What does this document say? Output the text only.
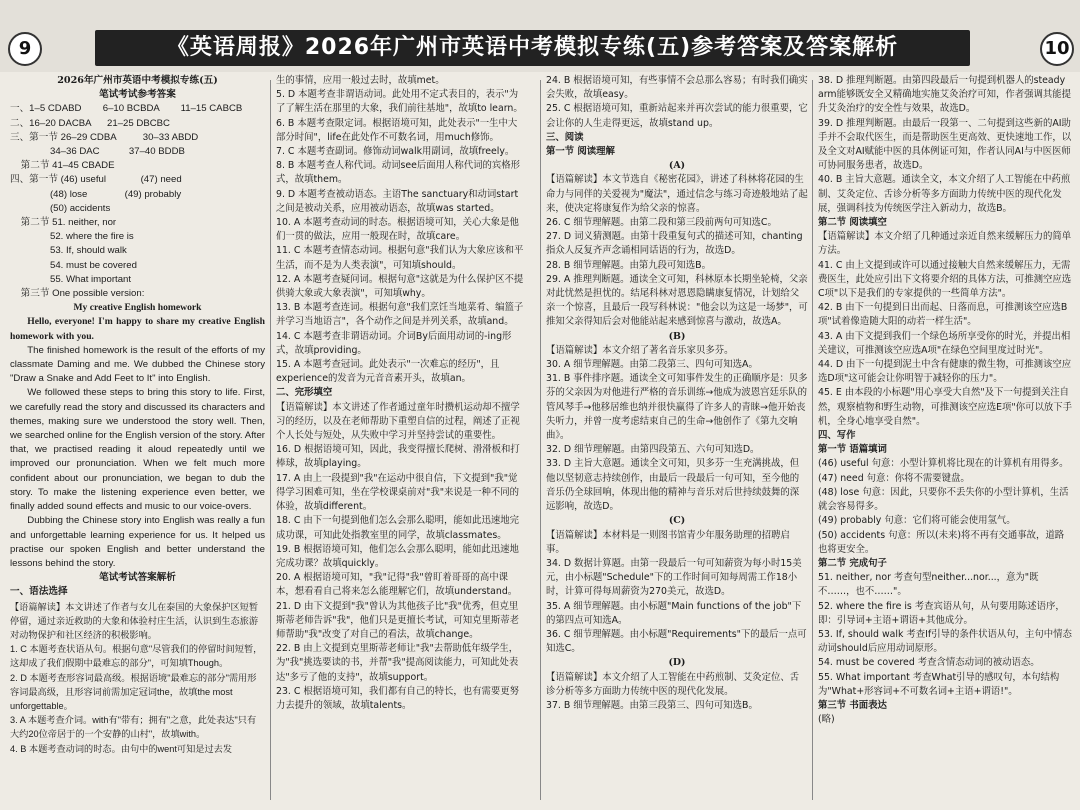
9	《英语周报》2026年广州市英语中考模拟专练(五)参考答案及答案解析	10
2026年广州市英语中考模拟专练(五)
笔试考试参考答案
一、1–5 CDABD        6–10 BCBDA        11–15 CABCB
二、16–20 DACBA      21–25 DBCBC
三、第一节 26–29 CDBA          30–33 ABDD
34–36 DAC           37–40 BDDB
第二节 41–45 CBADE
四、第一节 (46) useful             (47) need
(48) lose              (49) probably
(50) accidents
第二节 51. neither, nor
52. where the fire is
53. If, should walk
54. must be covered
55. What important
第三节 One possible version:
My creative English homework

Hello, everyone! I'm happy to share my creative English homework with you.

The finished homework is the result of the efforts of my classmate Daming and me. We dubbed the Chinese story "Draw a Snake and Add Feet to It" into English.

We followed these steps to bring this story to life. First, we carefully read the story and discussed its characters and themes, making sure we understood the story well. Then, we searched online for the English version of the story. After that, we practised reading it aloud repeatedly until we improved our pronunciation. When we felt much more confident about our pronunciation, we began to dub the story. To make the listening experience even better, we finally added sound effects and music to our voice-overs.

Dubbing the Chinese story into English was really a fun and unforgettable learning experience for us. It helped us practise our spoken English and better understand the lessons behind the story.

笔试考试答案解析
一、语法选择
【语篇解读】本文讲述了作者与女儿在泰国的大象保护区短暂停留，通过亲近救助的大象和体验村庄生活，认识到生态旅游对动物保护和社区经济的积极影响。
1. C 本题考查状语从句。根据句意"尽管我们的停留时间短暂，这却成了我们假期中最难忘的部分"，可知填Though。
2. D 本题考查形容词最高级。根据语境"最难忘的部分"需用形容词最高级，且形容词前需加定冠词the，故填the most unforgettable。
3. A 本题考查介词。with有"带有；拥有"之意，此处表达"只有大约20位帝居于的一个安静的山村"，故填with。
4. B 本题考查动词的时态。由句中的went可知是过去发
生的事情，应用一般过去时，故填met。
5. D 本题考查非谓语动词。此处用不定式表目的，表示"为了了解生活在那里的大象，我们前往基地"，故填to learn。
6. B 本题考查限定词。根据语境可知，此处表示"一生中大部分时间"，life在此处作不可数名词，用much修饰。
7. C 本题考查副词。修饰动词walk用副词，故填freely。
8. B 本题考查人称代词。动词see后面用人称代词的宾格形式，故填them。
9. D 本题考查被动语态。主语The sanctuary和动词start之间是被动关系，应用被动语态，故填was started。
10. A 本题考查动词的时态。根据语境可知，关心大象是他们一贯的做法，应用一般现在时，故填care。
11. C 本题考查情态动词。根据句意"我们认为大象应该和平生活，而不是为人类表演"，可知填should。
12. A 本题考查疑问词。根据句意"这就是为什么保护区不提供骑大象或大象表演"，可知填why。
13. B 本题考查连词。根据句意"我们烹饪当地菜肴、编篮子并学习当地语言"，各个动作之间是并列关系，故填and。
14. C 本题考查非谓语动词。介词By后面用动词的-ing形式，故填providing。
15. A 本题考查冠词。此处表示"一次难忘的经历"，且experience的发音为元音音素开头，故填an。
二、完形填空
【语篇解读】本文讲述了作者通过童年时攒机运动却不擅学习的经历，以及在老师帮助下重塑自信的过程，阐述了正视个人长处与短处，从失败中学习并坚持尝试的重要性。
16. D 根据语境可知，因此，我变得擅长爬树、滑滑板和打棒球，故填playing。
17. A 由上一段提到"我"在运动中很自信，下文提到"我"觉得学习困难可知，坐在学校课桌前对"我"来说是一种不同的体验，故填different。
18. C 由下一句提到他们怎么会那么聪明，能如此迅速地完成功课，可知此处指教室里的同学，故填classmates。
19. B 根据语境可知，他们怎么会那么聪明，能如此迅速地完成功课？故填quickly。
20. A 根据语境可知，"我"记得"我"曾盯着哥哥的高中课本，想看看自己将来怎么能理解它们，故填understand。
21. D 由下文提到"我"曾认为其他孩子比"我"优秀，但克里斯蒂老师告诉"我"，他们只是更擅长考试，可知克里斯蒂老师帮助"我"改变了对自己的看法，故填change。
22. B 由上文提到克里斯蒂老师让"我"去帮助低年级学生，为"我"挑选要读的书，并帮"我"提高阅读能力，可知此处表达"多亏了他的支持"，故填support。
23. C 根据语境可知，我们都有自己的特长，也有需要更努力去提升的领域，故填talents。
24. B 根据语境可知，有些事情不会总那么容易；有时我们确实会失败，故填easy。
25. C 根据语境可知，重新站起来并再次尝试的能力很重要，它会让你的人生走得更远，故填stand up。
三、阅读
第一节 阅读理解
(A)
【语篇解读】本文节选自《秘密花园》，讲述了科林将花园的生命力与同伴的关爱视为"魔法"，通过信念与练习奇迹般地站了起来，使决定将康复作为给父亲的惊喜。
26. C 细节理解题。由第二段和第三段前两句可知选C。
27. D 词义猜测题。由第十段重复句式的描述可知，chanting指众人反复齐声念诵相同话语的行为，故选D。
28. B 细节理解题。由第九段可知选B。
29. A 推理判断题。通读全文可知，科林原本长期坐轮椅，父亲对此忧然是担忧的。结尾科林对恩恩隐瞒康复情况，计划给父亲一个惊喜，且最后一段写科林说："他会以为这是一场梦"，可推知父亲得知后会对他能站起来感到惊喜与激动，故选A。
(B)
【语篇解读】本文介绍了著名音乐家贝多芬。
30. A 细节理解题。由第二段第三、四句可知选A。
31. B 事件排序题。通读全文可知事件发生的正确顺序是：贝多芬的父亲因为对他进行严格的音乐训练→他成为波恩宫廷乐队的管风琴手→他移居维也纳并很快赢得了许多人的青睐→他开始丧失听力，并曾一度考虑结束自己的生命→他创作了《第九交响曲》。
32. D 细节理解题。由第四段第五、六句可知选D。
33. D 主旨大意题。通读全文可知，贝多芬一生充满挑战，但他以坚韧意志持续创作，由最后一段最后一句可知，至今他的音乐仍全球回响，体现出他的精神与音乐对后世持续鼓舞的深远影响，故选D。
(C)
【语篇解读】本材料是一则图书馆青少年服务助理的招聘启事。
34. D 数据计算题。由第一段最后一句可知薪资为每小时15美元，由小标题"Schedule"下的工作时间可知每周需工作18小时，计算可得每周薪资为270美元，故选D。
35. A 细节理解题。由小标题"Main functions of the job"下的第四点可知选A。
36. C 细节理解题。由小标题"Requirements"下的最后一点可知选C。
(D)
【语篇解读】本文介绍了人工智能在中药煎制、艾灸定位、舌诊分析等多方面助力传统中医的现代化发展。
37. B 细节理解题。由第三段第三、四句可知选B。
38. D 推理判断题。由第四段最后一句提到机器人的steady arm能够既安全又精确地实施艾灸治疗可知，作者强调其能提升艾灸治疗的安全性与效果，故选D。
39. D 推理判断题。由最后一段第一、二句提到这些新的AI助手并不会取代医生，而是帮助医生更高效、更快速地工作，以及全文对AI赋能中医的具体例证可知，作者认同AI与中医医师可协同服务患者，故选D。
40. B 主旨大意题。通读全文，本文介绍了人工智能在中药煎制、艾灸定位、舌诊分析等多方面助力传统中医的现代化发展，强调科技为传统医学注入新动力，故选B。
第二节 阅读填空
【语篇解读】本文介绍了几种通过亲近自然来缓解压力的简单方法。
41. C 由上文提到或许可以通过接触大自然来缓解压力，无需费医生，此处应引出下文将要介绍的具体方法，可推测空应选C项"以下是我们的专家提供的一些简单方法"。
42. B 由下一句提到日出而起、日落而息，可推测该空应选B项"试着像造随大阳的动若一样生活"。
43. A 由下文提到我们一个绿色场所享受你的时光，并提出相关建议，可推测该空应选A项"在绿色空间里度过时光"。
44. D 由下一句提到泥土中含有健康的微生物，可推测该空应选D项"这可能会让你明智于减轻你的压力"。
45. E 由本段的小标题"用心享受大自然"及下一句提到关注自然，观察植物和野生动物，可推测该空应选E项"你可以放下手机，全身心地享受自然"。
四、写作
第一节 语篇填词
(46) useful 句意：小型计算机将比现在的计算机有用得多。
(47) need 句意：你将不需要键盘。
(48) lose 句意：因此，只要你不丢失你的小型计算机，生活就会容易得多。
(49) probably 句意：它们将可能会使用氢气。
(50) accidents 句意：所以(未来)将不再有交通事故，道路也将更安全。
第二节 完成句子
51. neither, nor 考查句型neither...nor...，意为"既不……，也不……"。
52. where the fire is 考查宾语从句，从句要用陈述语序，即：引导词+主语+谓语+其他成分。
53. If, should walk 考查If引导的条件状语从句，主句中情态动词should后应用动词原形。
54. must be covered 考查含情态动词的被动语态。
55. What important 考查What引导的感叹句，本句结构为"What+形容词+不可数名词+主语+谓语!"。
第三节 书面表达
(略)
